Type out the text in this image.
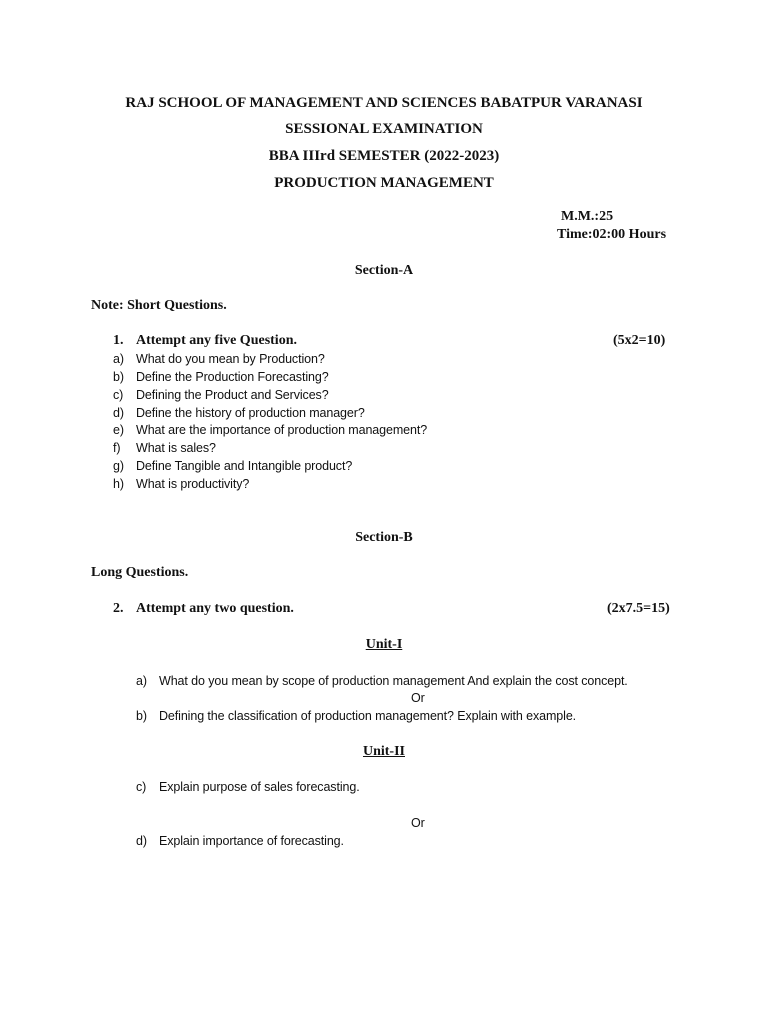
RAJ SCHOOL OF MANAGEMENT AND SCIENCES BABATPUR VARANASI
SESSIONAL EXAMINATION
BBA IIIrd SEMESTER (2022-2023)
PRODUCTION MANAGEMENT
M.M.:25
Time:02:00 Hours
Section-A
Note: Short Questions.
1. Attempt any five Question.	(5x2=10)
a) What do you mean by Production?
b) Define the Production Forecasting?
c) Defining the Product and Services?
d) Define the history of production manager?
e) What are the importance of production management?
f) What is sales?
g) Define Tangible and Intangible product?
h) What is productivity?
Section-B
Long Questions.
2. Attempt any two question.	(2x7.5=15)
Unit-I
a) What do you mean by scope of production management And explain the cost concept.
Or
b) Defining the classification of production management? Explain with example.
Unit-II
c) Explain purpose of sales forecasting.
Or
d) Explain importance of forecasting.
